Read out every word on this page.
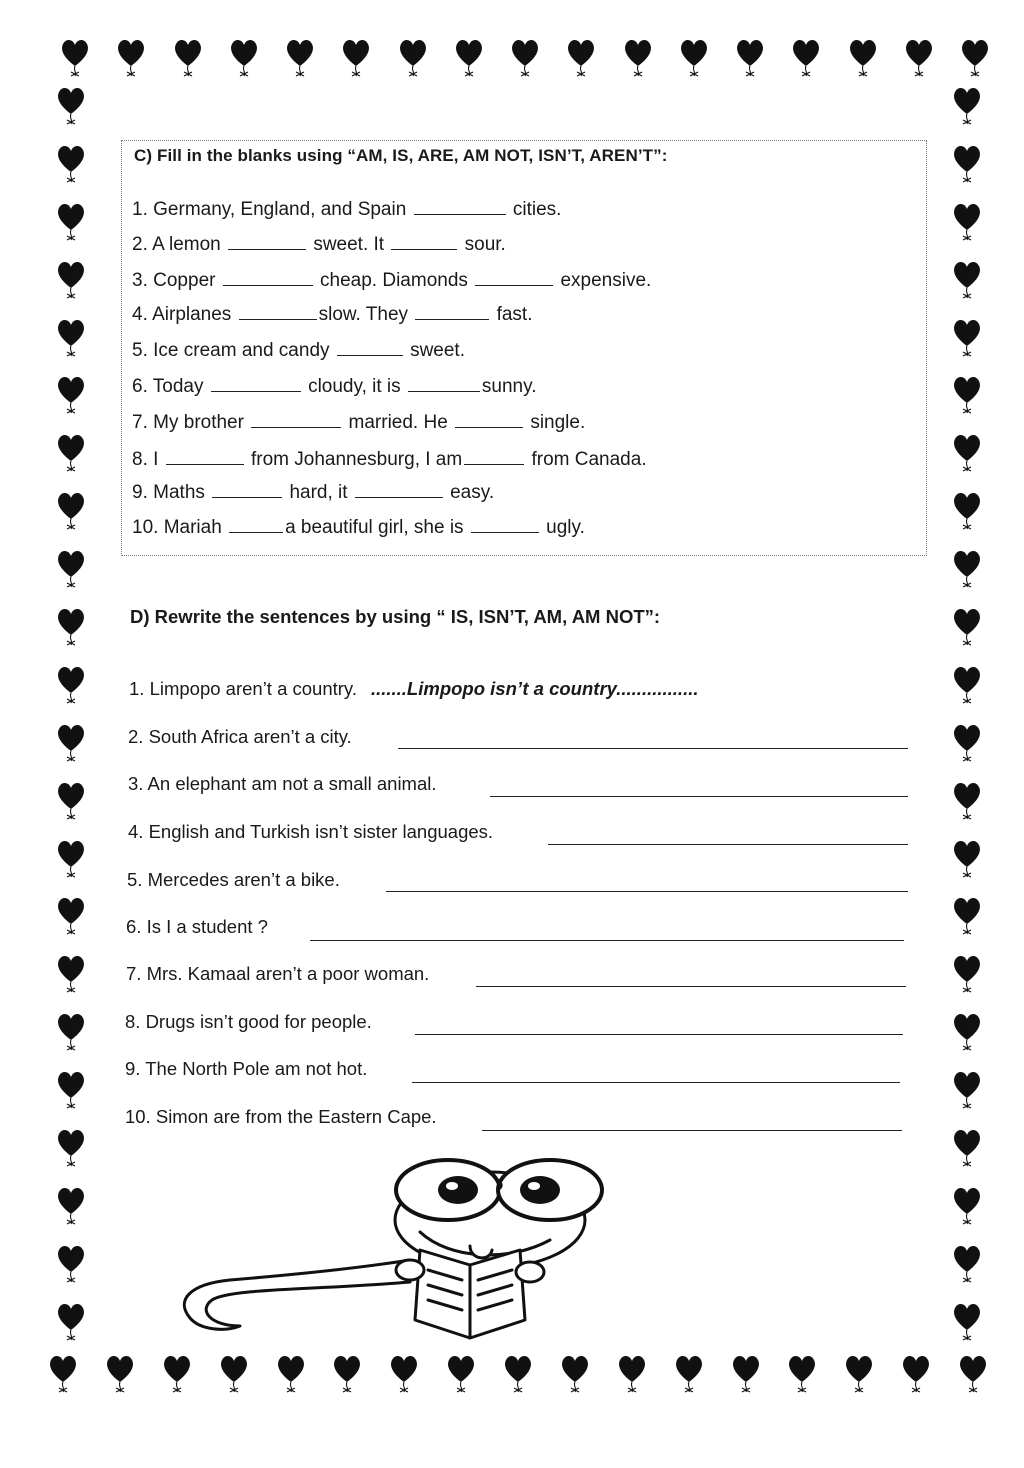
C) Fill in the blanks using “AM, IS, ARE, AM NOT, ISN’T, AREN’T”:
1. Germany, England, and Spain	cities.
2. A lemon	sweet. It	sour.
3. Copper	cheap. Diamonds	expensive.
4. Airplanes	slow. They	fast.
5. Ice cream and candy	sweet.
6. Today	cloudy, it is	sunny.
7. My brother	married. He	single.
8. I	from Johannesburg, I am	from Canada.
9. Maths	hard, it	easy.
10. Mariah	a beautiful girl, she is	ugly.
D) Rewrite the sentences by using “ IS, ISN’T, AM, AM NOT”:
1. Limpopo aren’t a country. .......Limpopo isn’t a country................
2. South Africa aren’t a city.
3. An elephant am not a small animal.
4. English and Turkish isn’t sister languages.
5. Mercedes aren’t a bike.
6. Is I a student ?
7. Mrs. Kamaal aren’t a poor woman.
8. Drugs isn’t good for people.
9. The North Pole am not hot.
10. Simon are from the Eastern Cape.
